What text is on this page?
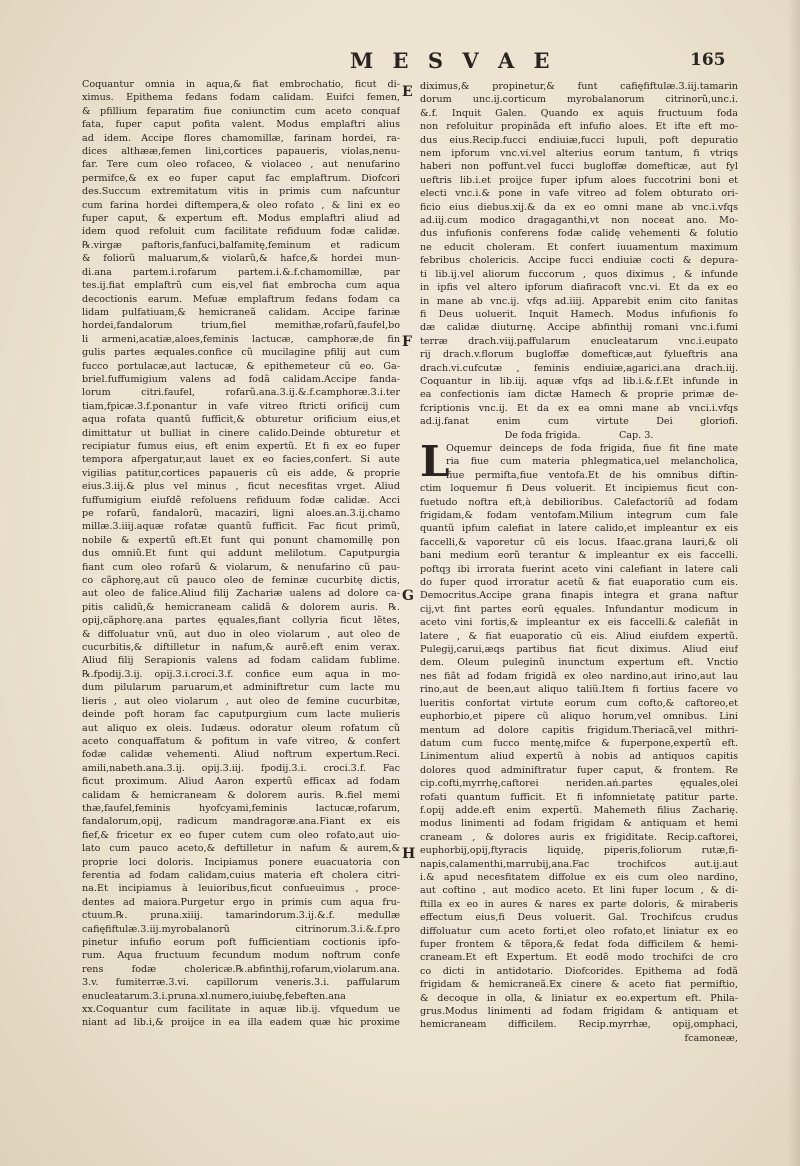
M E S V A E	165
Coquantur omnia in aqua,& fiat embrochatio, ficut di-
ximus. Epithema fedans fodam calidam. Euifci femen,
& pfillium feparatim fiue coniunctim cum aceto conquaf
fata, fuper caput pofita valent. Modus emplaftri alius
ad idem. Accipe flores chamomillæ, farinam hordei, ra-
dices althææ,femen lini,cortices papaueris, violas,nenu-
far. Tere cum oleo rofaceo, & violaceo , aut nenufarino
permifce,& ex eo fuper caput fac emplaftrum. Diofcori
des.Succum extremitatum vitis in primis cum nafcuntur
cum farina hordei diftempera,& oleo rofato , & lini ex eo
fuper caput, & expertum eft. Modus emplaftri aliud ad
idem quod refoluit cum facilitate refiduum fodæ calidæ.
℞.virgæ paftoris,fanfuci,balfamitę,feminum et radicum
& foliorũ maluarum,& violarũ,& hafce,& hordei mun-
di.ana partem.i.rofarum partem.i.&.f.chamomillæ, par
tes.ij.fiat emplaftrũ cum eis,vel fiat embrocha cum aqua
decoctionis earum. Mefuæ emplaftrum fedans fodam ca
lidam pulfatiuam,& hemicraneã calidam. Accipe farinæ
hordei,fandalorum trium,fiel memithæ,rofarũ,faufel,bo
li armeni,acatiæ,aloes,feminis lactucæ, camphoræ,de fin
gulis partes æquales.confice cũ mucilagine pfilij aut cum
fucco portulacæ,aut lactucæ, & epithemeteur cũ eo. Ga-
briel.fuffumigium valens ad fodã calidam.Accipe fanda-
lorum citri.faufel, rofarũ.ana.3.ij.&.f.camphoræ.3.i.ter
tiam,fpicæ.3.f.ponantur in vafe vitreo ftricti orificij cum
aqua rofata quantũ fufficit,& obturetur orificium eius,et
dimittatur ut bulliat in cinere calido.Deinde obturetur et
recipiatur fumus eius, eft enim expertũ. Et fi ex eo fuper
tempora afpergatur,aut lauet ex eo facies,confert. Si aute
vigilias patitur,cortices papaueris cũ eis adde, & proprie
eius.3.iij.& plus vel minus , ficut necesfitas vrget. Aliud
fuffumigium eiufdẽ refoluens refiduum fodæ calidæ. Acci
pe rofarũ, fandalorũ, macaziri, ligni aloes.an.3.ij.chamo
millæ.3.iiij.aquæ rofatæ quantũ fufficit. Fac ficut primũ,
nobile & expertũ eft.Et funt qui ponunt chamomillę pon
dus omniũ.Et funt qui addunt melilotum. Caputpurgia
fiant cum oleo rofarũ & violarum, & nenufarino cũ pau-
co cãphorę,aut cũ pauco oleo de feminæ cucurbitę dictis,
aut oleo de falice.Aliud filij Zachariæ ualens ad dolore ca-
pitis calidũ,& hemicraneam calidã & dolorem auris. ℞.
opij,cãphorę.ana partes ęquales,fiant collyria ficut lẽtes,
& diffoluatur vnũ, aut duo in oleo violarum , aut oleo de
cucurbitis,& diftilletur in nafum,& aurẽ.eft enim verax.
Aliud filij Serapionis valens ad fodam calidam fublime.
℞.fpodij.3.ij. opij.3.i.croci.3.f. confice eum aqua in mo-
dum pilularum paruarum,et adminiftretur cum lacte mu
lieris , aut oleo violarum , aut oleo de femine cucurbitæ,
deinde poft horam fac caputpurgium cum lacte mulieris
aut aliquo ex oleis. Iudæus. odoratur oleum rofatum cũ
aceto conquaffatum & pofitum in vafe vitreo, & confert
fodæ calidæ vehementi. Aliud noftrum expertum.Reci.
amili,nabeth.ana.3.ij. opij.3.iij. fpodij.3.i. croci.3.f. Fac
ficut proximum. Aliud Aaron expertũ efficax ad fodam
calidam & hemicraneam & dolorem auris. ℞.fiel memi
thæ,faufel,feminis hyofcyami,feminis lactucæ,rofarum,
fandalorum,opij, radicum mandragoræ.ana.Fiant ex eis
fief,& fricetur ex eo fuper cutem cum oleo rofato,aut uio-
lato cum pauco aceto,& deftilletur in nafum & aurem,&
proprie loci doloris. Incipiamus ponere euacuatoria con
ferentia ad fodam calidam,cuius materia eft cholera citri-
na.Et incipiamus à leuioribus,ficut confueuimus , proce-
dentes ad maiora.Purgetur ergo in primis cum aqua fru-
ctuum.℞. pruna.xiiij. tamarindorum.3.ij.&.f. medullæ
cafięfiftulæ.3.iij.myrobalanorũ citrinorum.3.i.&.f.pro
pinetur infufio eorum poft fufficientiam coctionis ipfo-
rum. Aqua fructuum fecundum modum noftrum confe
rens fodæ cholericæ.℞.abfinthij,rofarum,violarum.ana.
3.v. fumiterræ.3.vi. capillorum veneris.3.i. paffularum
enucleatarum.3.i.pruna.xl.numero,iuiubę,febeften.ana
xx.Coquantur cum facilitate in aquæ lib.ij. vfquedum ue
niant ad lib.i,& proijce in ea illa eadem quæ hic proxime
diximus,& propinetur,& funt cafięfiftulæ.3.iij.tamarin
dorum unc.ij.corticum myrobalanorum citrinorũ,unc.i.
&.f. Inquit Galen. Quando ex aquis fructuum foda
non refoluitur propinãda eft infufio aloes. Et ifte eft mo-
dus eius.Recip.fucci endiuiæ,fucci lupuli, poft depuratio
nem ipforum vnc.vi.vel alterius eorum tantum, fi vtriqs
haberi non poffunt.vel fucci bugloffæ domefticæ, aut fyl
ueftris lib.i.et proijce fuper ipfum aloes fuccotrini boni et
electi vnc.i.& pone in vafe vitreo ad folem obturato ori-
ficio eius diebus.xij.& da ex eo omni mane ab vnc.i.vfqs
ad.iij.cum modico dragaganthi,vt non noceat ano. Mo-
dus infufionis conferens fodæ calidę vehementi & folutio
ne educit choleram. Et confert iuuamentum maximum
febribus cholericis. Accipe fucci endiuiæ cocti & depura-
ti lib.ij.vel aliorum fuccorum , quos diximus , & infunde
in ipfis vel altero ipforum diafiracoft vnc.vi. Et da ex eo
in mane ab vnc.ij. vfqs ad.iiij. Apparebit enim cito fanitas
fi Deus uoluerit. Inquit Hamech. Modus infufionis fo
dæ calidæ diuturnę. Accipe abfinthij romani vnc.i.fumi
terræ drach.viij.paffularum enucleatarum vnc.i.eupato
rij drach.v.florum bugloffæ domefticæ,aut fylueftris ana
drach.vi.cufcutæ , feminis endiuiæ,agarici.ana drach.iij.
Coquantur in lib.iij. aquæ vfqs ad lib.i.&.f.Et infunde in
ea confectionis iam dictæ Hamech & proprie primæ de-
fcriptionis vnc.ij. Et da ex ea omni mane ab vnci.i.vfqs
ad.ij.fanat enim cum virtute Dei gloriofi.
De foda frigida.    	Cap. 3.
L
Oquemur deinceps de foda frigida, fiue fit fine mate
ria fiue cum materia phlegmatica,uel melancholica,
fiue permifta,fiue ventofa.Et de his omnibus diftin-
ctim loquemur fi Deus voluerit. Et incipiemus ficut con-
fuetudo noftra eft,à debilioribus. Calefactoriũ ad fodam
frigidam,& fodam ventofam.Milium integrum cum fale
quantũ ipfum calefiat in latere calido,et impleantur ex eis
faccelli,& vaporetur cũ eis locus. Ifaac.grana lauri,& oli
bani medium eorũ terantur & impleantur ex eis faccelli.
poftqȝ ibi irrorata fuerint aceto vini calefiant in latere cali
do fuper quod irroratur acetũ & fiat euaporatio cum eis.
Democritus.Accipe grana finapis integra et grana naftur
cij,vt fint partes eorũ ęquales. Infundantur modicum in
aceto vini fortis,& impleantur ex eis faccelli.& calefiãt in
latere , & fiat euaporatio cũ eis. Aliud eiufdem expertũ.
Pulegij,carui,æqs partibus fiat ficut diximus. Aliud eiuf
dem. Oleum puleginũ inunctum expertum eft. Vnctio
nes fiãt ad fodam frigidã ex oleo nardino,aut irino,aut lau
rino,aut de been,aut aliquo taliũ.Item fi fortius facere vo
lueritis confortat virtute eorum cum cofto,& caftoreo,et
euphorbio,et pipere cũ aliquo horum,vel omnibus. Lini
mentum ad dolore capitis frigidum.Theriacã,vel mithri-
datum cum fucco mentę,mifce & fuperpone,expertũ eft.
Linimentum aliud expertũ à nobis ad antiquos capitis
dolores quod adminiftratur fuper caput, & frontem. Re
cip.cofti,myrrhę,caftorei neriden.ań.partes ęquales,olei
rofati quantum fufficit. Et fi infomnietatę patitur parte.
f.opij adde.eft enim expertũ. Mahemeth filius Zacharię.
modus linimenti ad fodam frigidam & antiquam et hemi
craneam , & dolores auris ex frigiditate. Recip.caftorei,
euphorbij,opij,ftyracis liquidę, piperis,foliorum rutæ,fi-
napis,calamenthi,marrubij,ana.Fac trochifcos aut.ij.aut
i.& apud necesfitatem diffolue ex eis cum oleo nardino,
aut coftino , aut modico aceto. Et lini fuper locum , & di-
ftilla ex eo in aures & nares ex parte doloris, & miraberis
effectum eius,fi Deus voluerit. Gal. Trochifcus crudus
diffoluatur cum aceto forti,et oleo rofato,et liniatur ex eo
fuper frontem & tẽpora,& fedat foda difficilem & hemi-
craneam.Et eft Expertum. Et eodẽ modo trochifci de cro
co dicti in antidotario. Diofcorides. Epithema ad fodã
frigidam & hemicraneã.Ex cinere & aceto fiat permiftio,
& decoque in olla, & liniatur ex eo.expertum eft. Phila-
grus.Modus linimenti ad fodam frigidam & antiquam et
hemicraneam difficilem. Recip.myrrhæ, opij,omphaci,
fcamoneæ,
E
F
G
H
